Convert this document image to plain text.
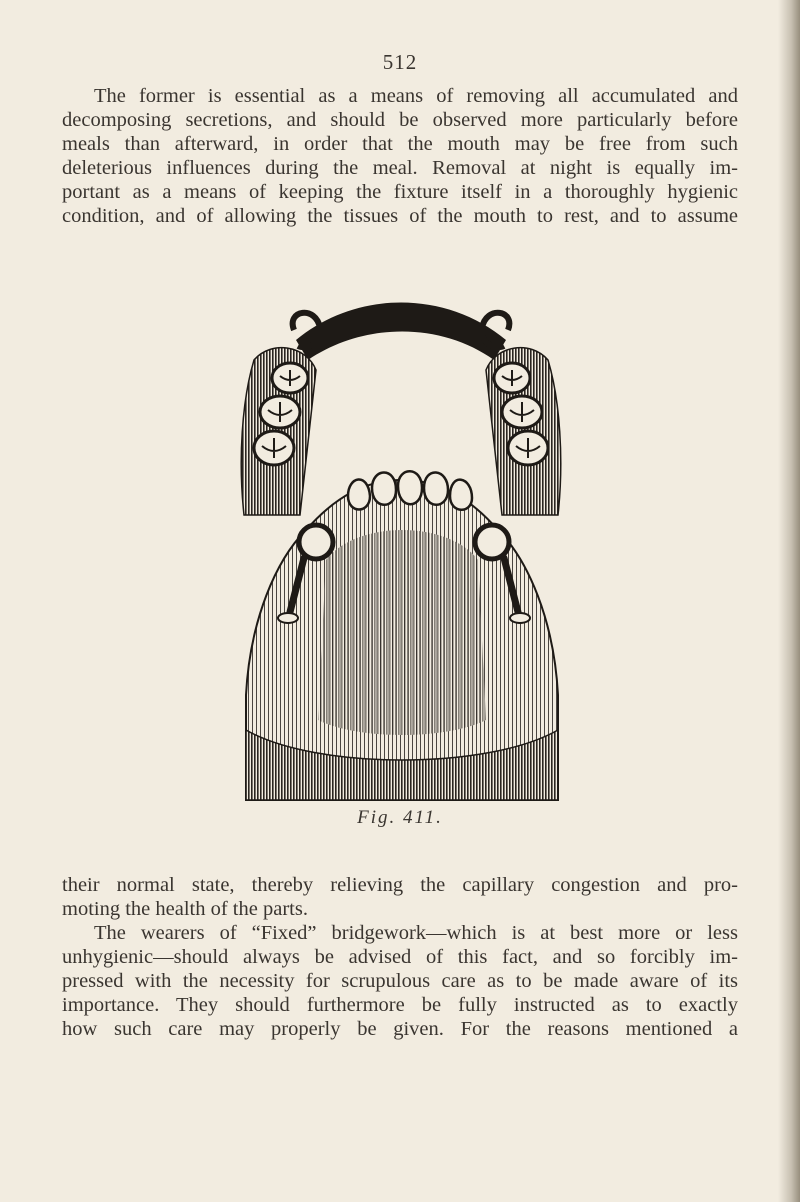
512
The former is essential as a means of removing all accumulated and
decomposing secretions, and should be observed more particularly before
meals than afterward, in order that the mouth may be free from such
deleterious influences during the meal. Removal at night is equally im-
portant as a means of keeping the fixture itself in a thoroughly hygienic
condition, and of allowing the tissues of the mouth to rest, and to assume
Fig. 411.
their normal state, thereby relieving the capillary congestion and pro-
moting the health of the parts.
The wearers of “Fixed” bridgework—which is at best more or less
unhygienic—should always be advised of this fact, and so forcibly im-
pressed with the necessity for scrupulous care as to be made aware of its
importance. They should furthermore be fully instructed as to exactly
how such care may properly be given. For the reasons mentioned a
